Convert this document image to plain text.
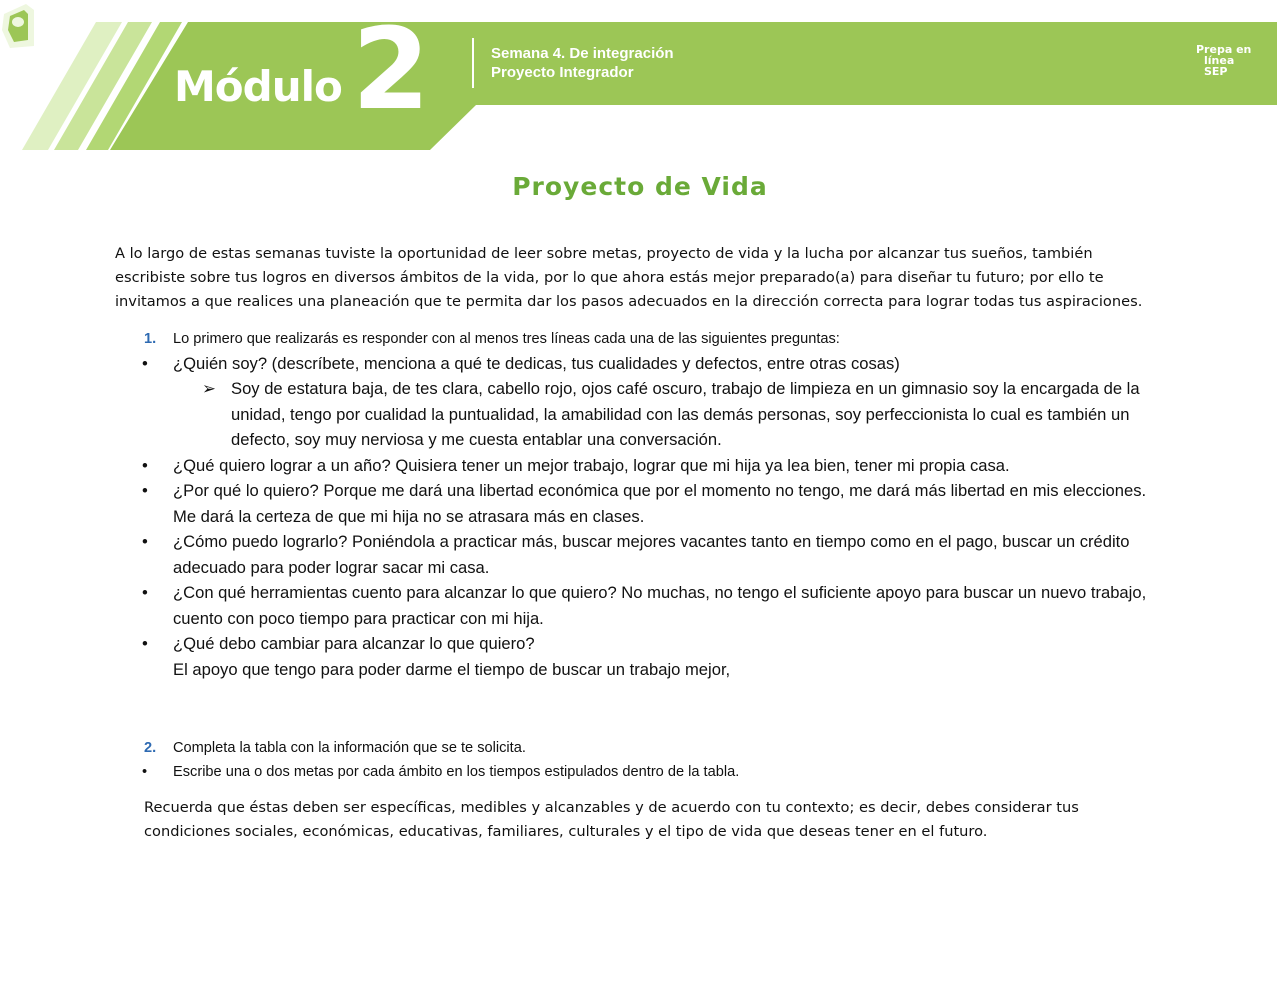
Módulo 2	Semana 4. De integración
Proyecto Integrador
Prepa en
línea
SEP
Proyecto de Vida

A lo largo de estas semanas tuviste la oportunidad de leer sobre metas, proyecto de vida y la lucha por alcanzar tus sueños, también escribiste sobre tus logros en diversos ámbitos de la vida, por lo que ahora estás mejor preparado(a) para diseñar tu futuro; por ello te invitamos a que realices una planeación que te permita dar los pasos adecuados en la dirección correcta para lograr todas tus aspiraciones.

1. Lo primero que realizarás es responder con al menos tres líneas cada una de las siguientes preguntas:
• ¿Quién soy? (descríbete, menciona a qué te dedicas, tus cualidades y defectos, entre otras cosas)
➢ Soy de estatura baja, de tes clara, cabello rojo, ojos café oscuro, trabajo de limpieza en un gimnasio soy la encargada de la unidad, tengo por cualidad la puntualidad, la amabilidad con las demás personas, soy perfeccionista lo cual es también un defecto, soy muy nerviosa y me cuesta entablar una conversación.
• ¿Qué quiero lograr a un año? Quisiera tener un mejor trabajo, lograr que mi hija ya lea bien, tener mi propia casa.
• ¿Por qué lo quiero? Porque me dará una libertad económica que por el momento no tengo, me dará más libertad en mis elecciones. Me dará la certeza de que mi hija no se atrasara más en clases.
• ¿Cómo puedo lograrlo? Poniéndola a practicar más, buscar mejores vacantes tanto en tiempo como en el pago, buscar un crédito adecuado para poder lograr sacar mi casa.
• ¿Con qué herramientas cuento para alcanzar lo que quiero? No muchas, no tengo el suficiente apoyo para buscar un nuevo trabajo, cuento con poco tiempo para practicar con mi hija.
• ¿Qué debo cambiar para alcanzar lo que quiero?
El apoyo que tengo para poder darme el tiempo de buscar un trabajo mejor,
2. Completa la tabla con la información que se te solicita.
• Escribe una o dos metas por cada ámbito en los tiempos estipulados dentro de la tabla.

Recuerda que éstas deben ser específicas, medibles y alcanzables y de acuerdo con tu contexto; es decir, debes considerar tus condiciones sociales, económicas, educativas, familiares, culturales y el tipo de vida que deseas tener en el futuro.
